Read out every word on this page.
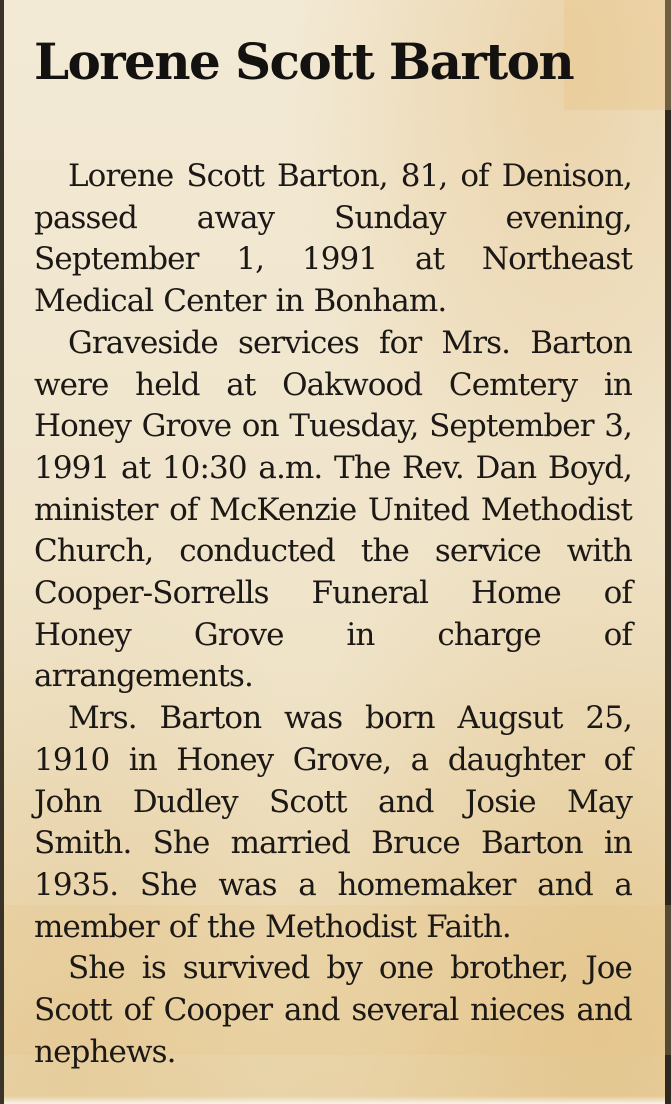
Lorene Scott Barton

Lorene Scott Barton, 81, of Denison, passed away Sunday evening, September 1, 1991 at Northeast Medical Center in Bonham.

Graveside services for Mrs. Barton were held at Oakwood Cemtery in Honey Grove on Tuesday, September 3, 1991 at 10:30 a.m. The Rev. Dan Boyd, minister of McKenzie United Methodist Church, conducted the service with Cooper-Sorrells Funeral Home of Honey Grove in charge of arrangements.

Mrs. Barton was born Augsut 25, 1910 in Honey Grove, a daughter of John Dudley Scott and Josie May Smith. She married Bruce Barton in 1935. She was a homemaker and a member of the Methodist Faith.

She is survived by one brother, Joe Scott of Cooper and several nieces and nephews.
